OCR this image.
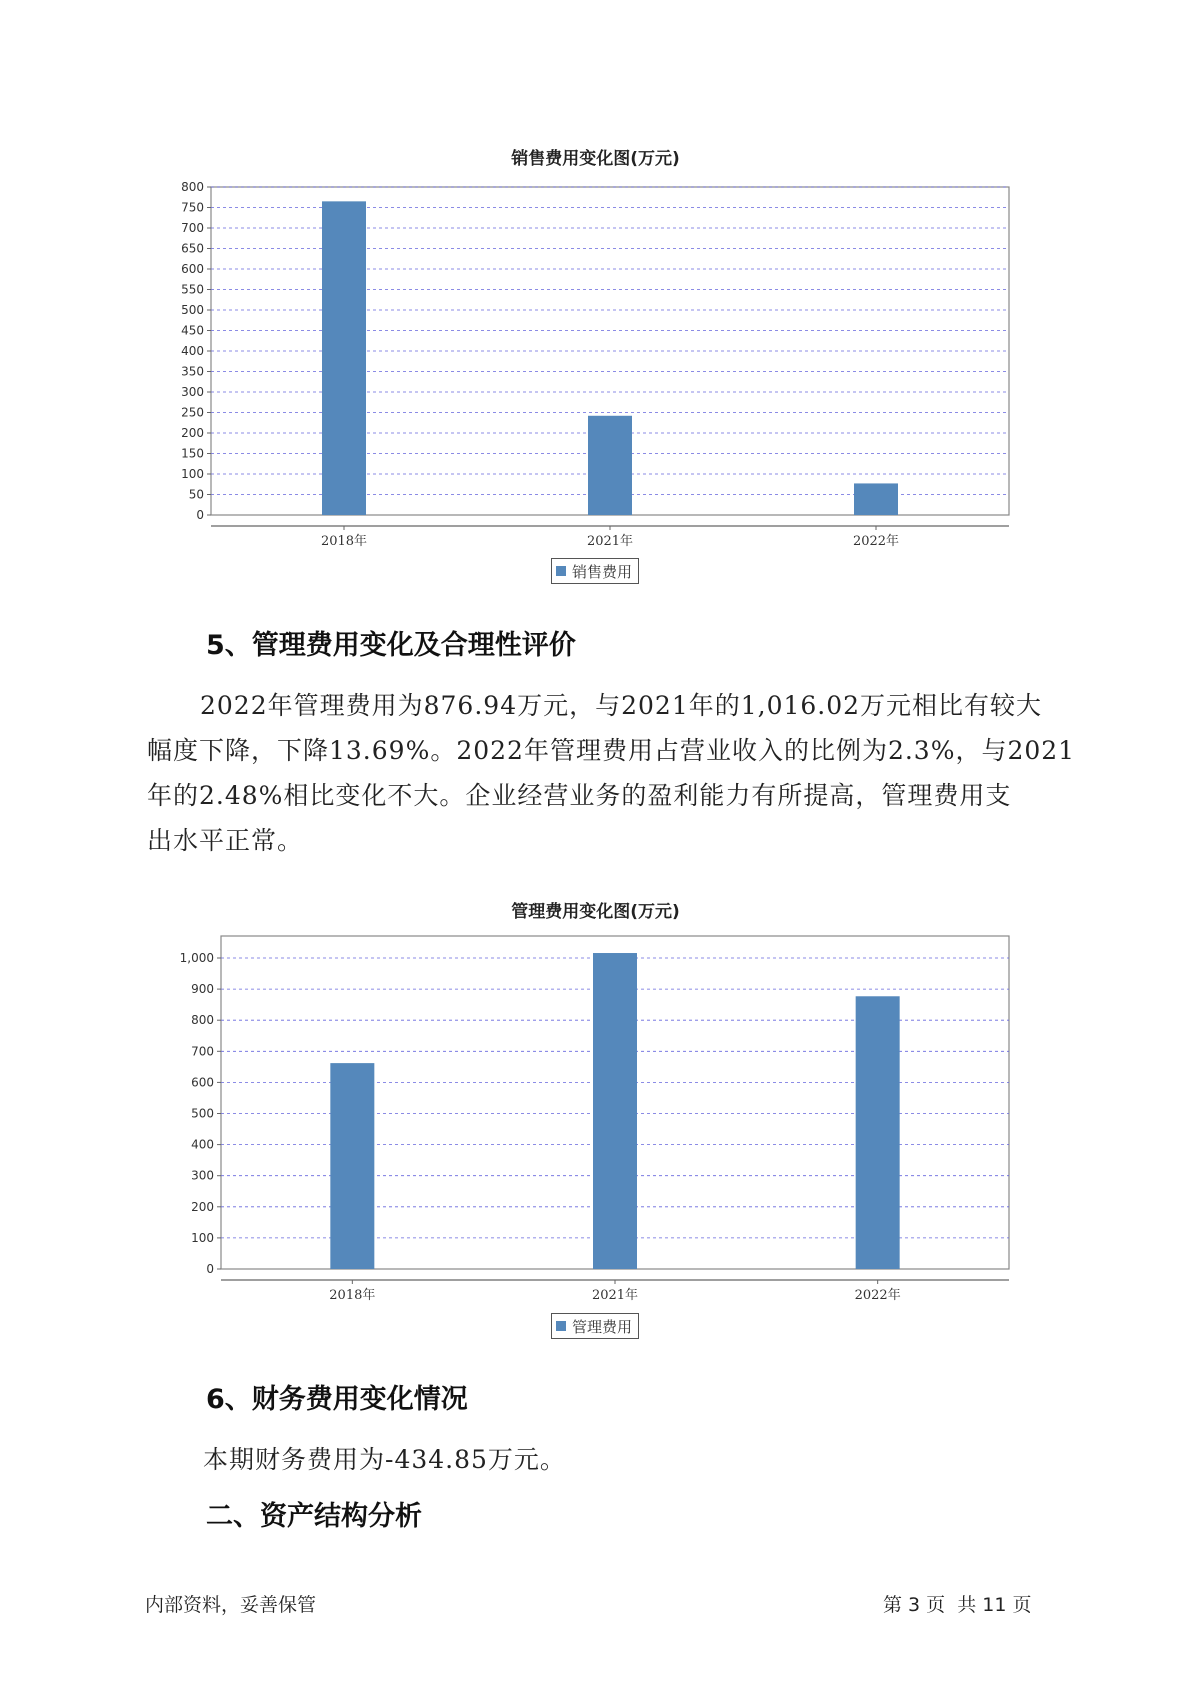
销售费用变化图(万元)
0
50
100
150
200
250
300
350
400
450
500
550
600
650
700
750
800
2018年	2021年	2022年
销售费用
5、管理费用变化及合理性评价
2022年管理费用为876.94万元，与2021年的1,016.02万元相比有较大
幅度下降，下降13.69%。2022年管理费用占营业收入的比例为2.3%，与2021
年的2.48%相比变化不大。企业经营业务的盈利能力有所提高，管理费用支
出水平正常。
管理费用变化图(万元)
0
100
200
300
400
500
600
700
800
900
1,000
2018年	2021年	2022年
管理费用
6、财务费用变化情况
本期财务费用为-434.85万元。
二、资产结构分析
内部资料，妥善保管	第 3 页  共 11 页
